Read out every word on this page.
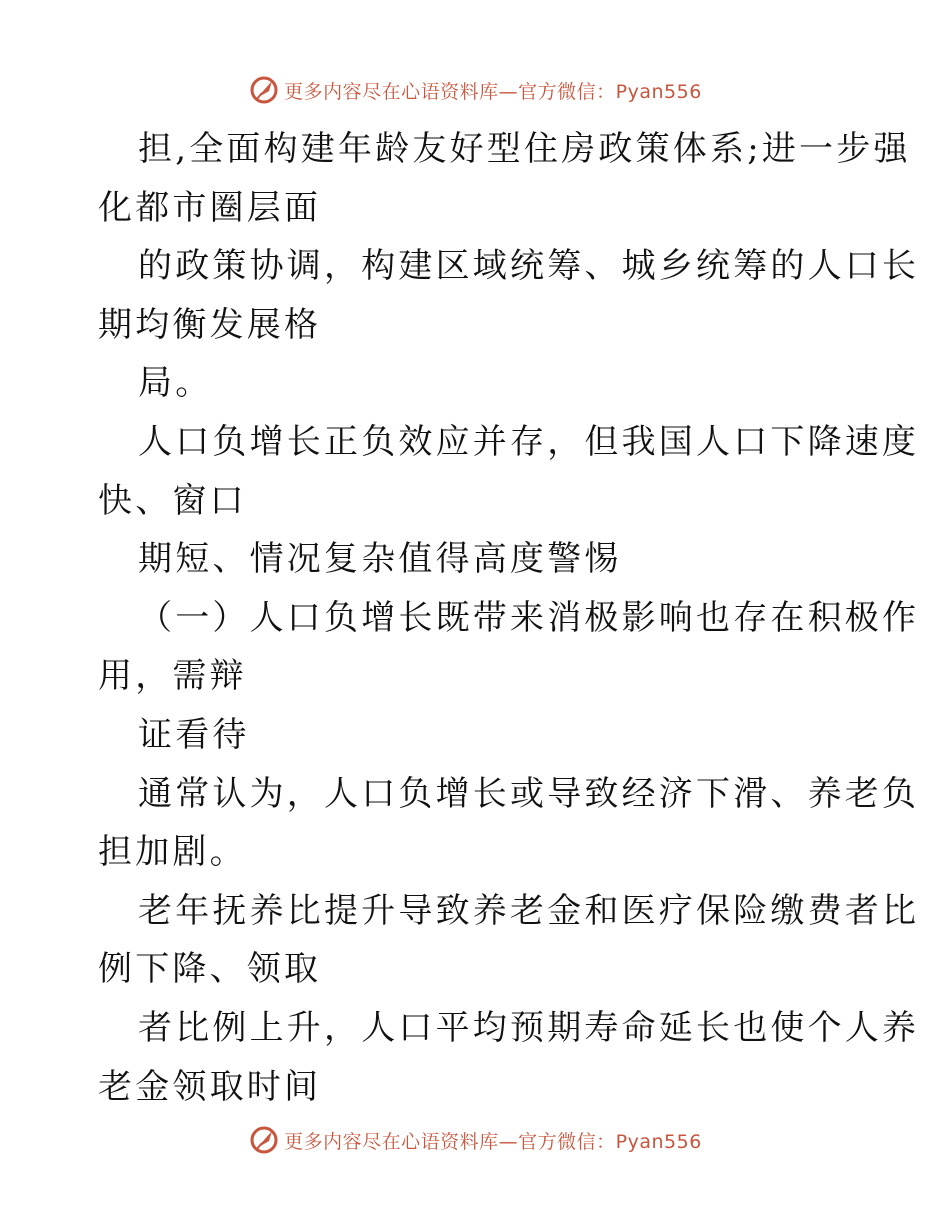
更多内容尽在心语资料库—官方微信：Pyan556
担,全面构建年龄友好型住房政策体系;进一步强
化都市圈层面
的政策协调，构建区域统筹、城乡统筹的人口长
期均衡发展格
局。
人口负增长正负效应并存，但我国人口下降速度
快、窗口
期短、情况复杂值得高度警惕
（一）人口负增长既带来消极影响也存在积极作
用，需辩
证看待
通常认为，人口负增长或导致经济下滑、养老负
担加剧。
老年抚养比提升导致养老金和医疗保险缴费者比
例下降、领取
者比例上升，人口平均预期寿命延长也使个人养
老金领取时间
更多内容尽在心语资料库—官方微信：Pyan556
